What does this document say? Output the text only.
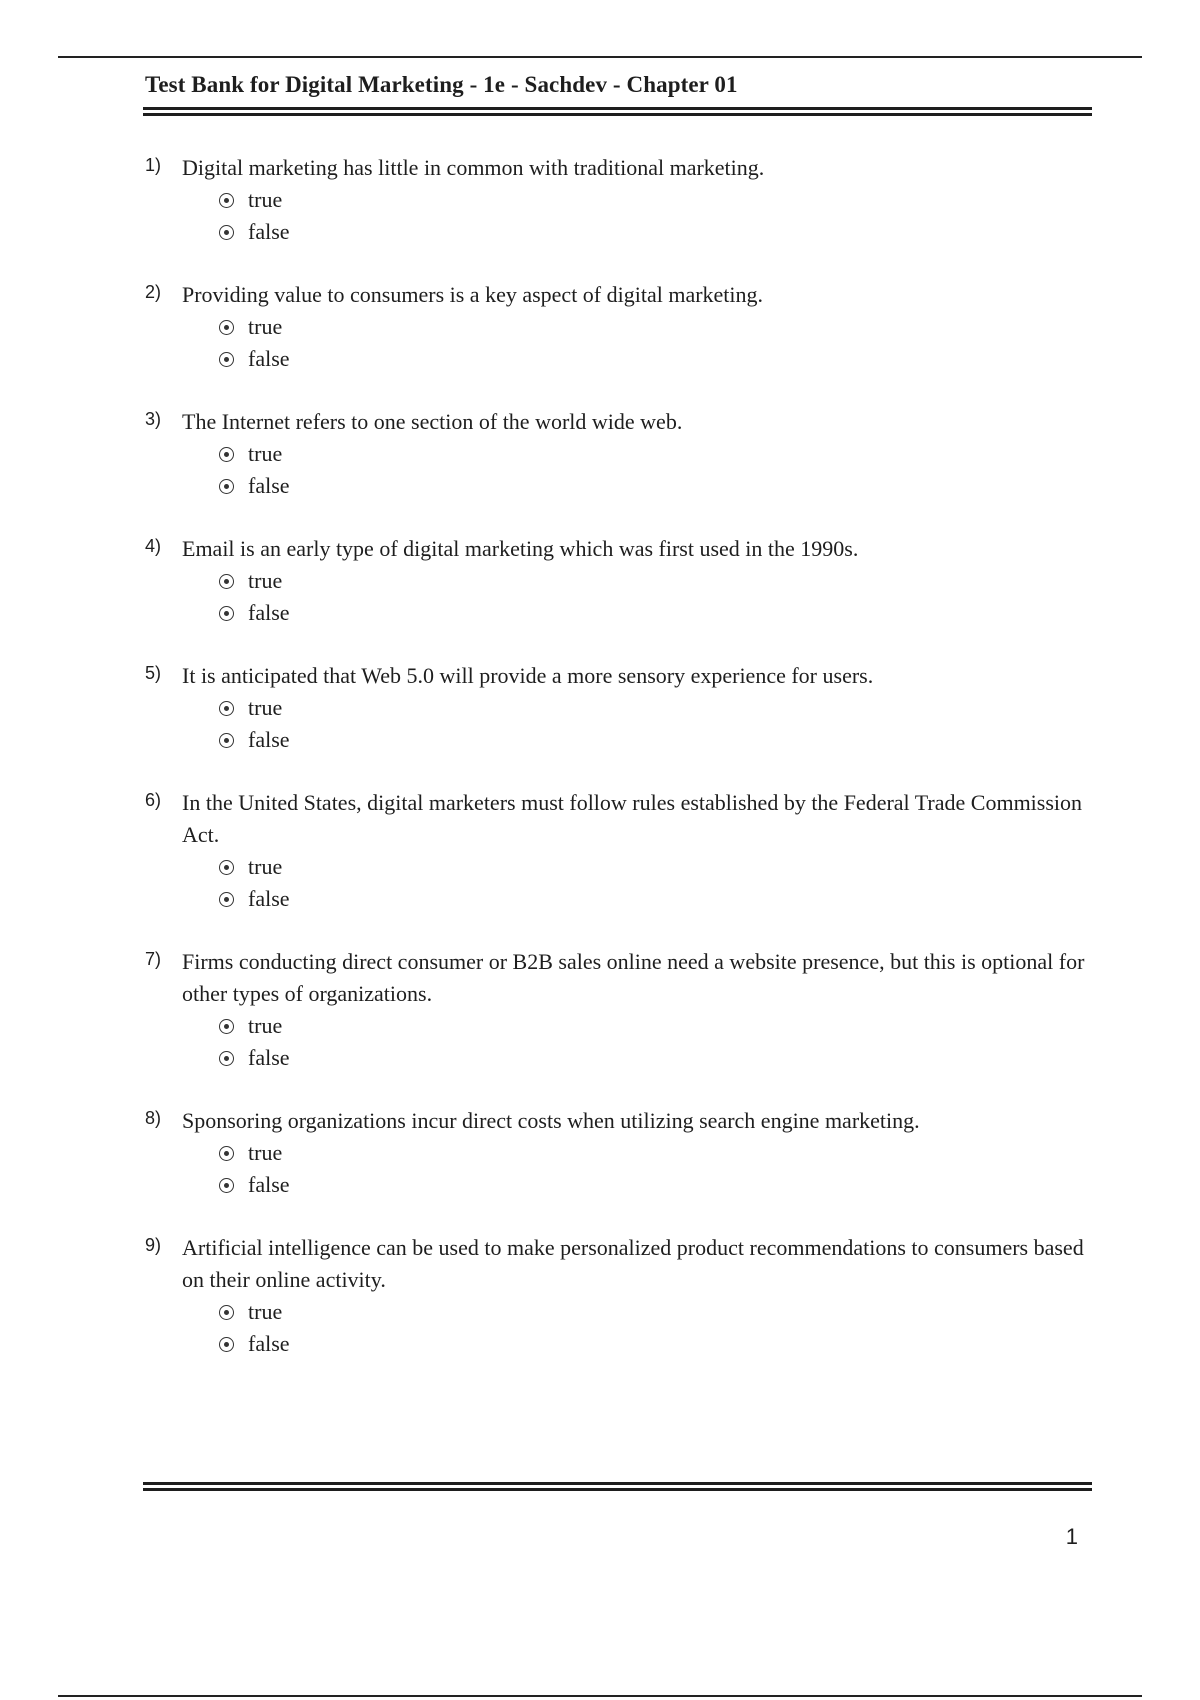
Test Bank for Digital Marketing - 1e - Sachdev - Chapter 01
1) Digital marketing has little in common with traditional marketing.
true
false
2) Providing value to consumers is a key aspect of digital marketing.
true
false
3) The Internet refers to one section of the world wide web.
true
false
4) Email is an early type of digital marketing which was first used in the 1990s.
true
false
5) It is anticipated that Web 5.0 will provide a more sensory experience for users.
true
false
6) In the United States, digital marketers must follow rules established by the Federal Trade Commission Act.
true
false
7) Firms conducting direct consumer or B2B sales online need a website presence, but this is optional for other types of organizations.
true
false
8) Sponsoring organizations incur direct costs when utilizing search engine marketing.
true
false
9) Artificial intelligence can be used to make personalized product recommendations to consumers based on their online activity.
true
false
1
